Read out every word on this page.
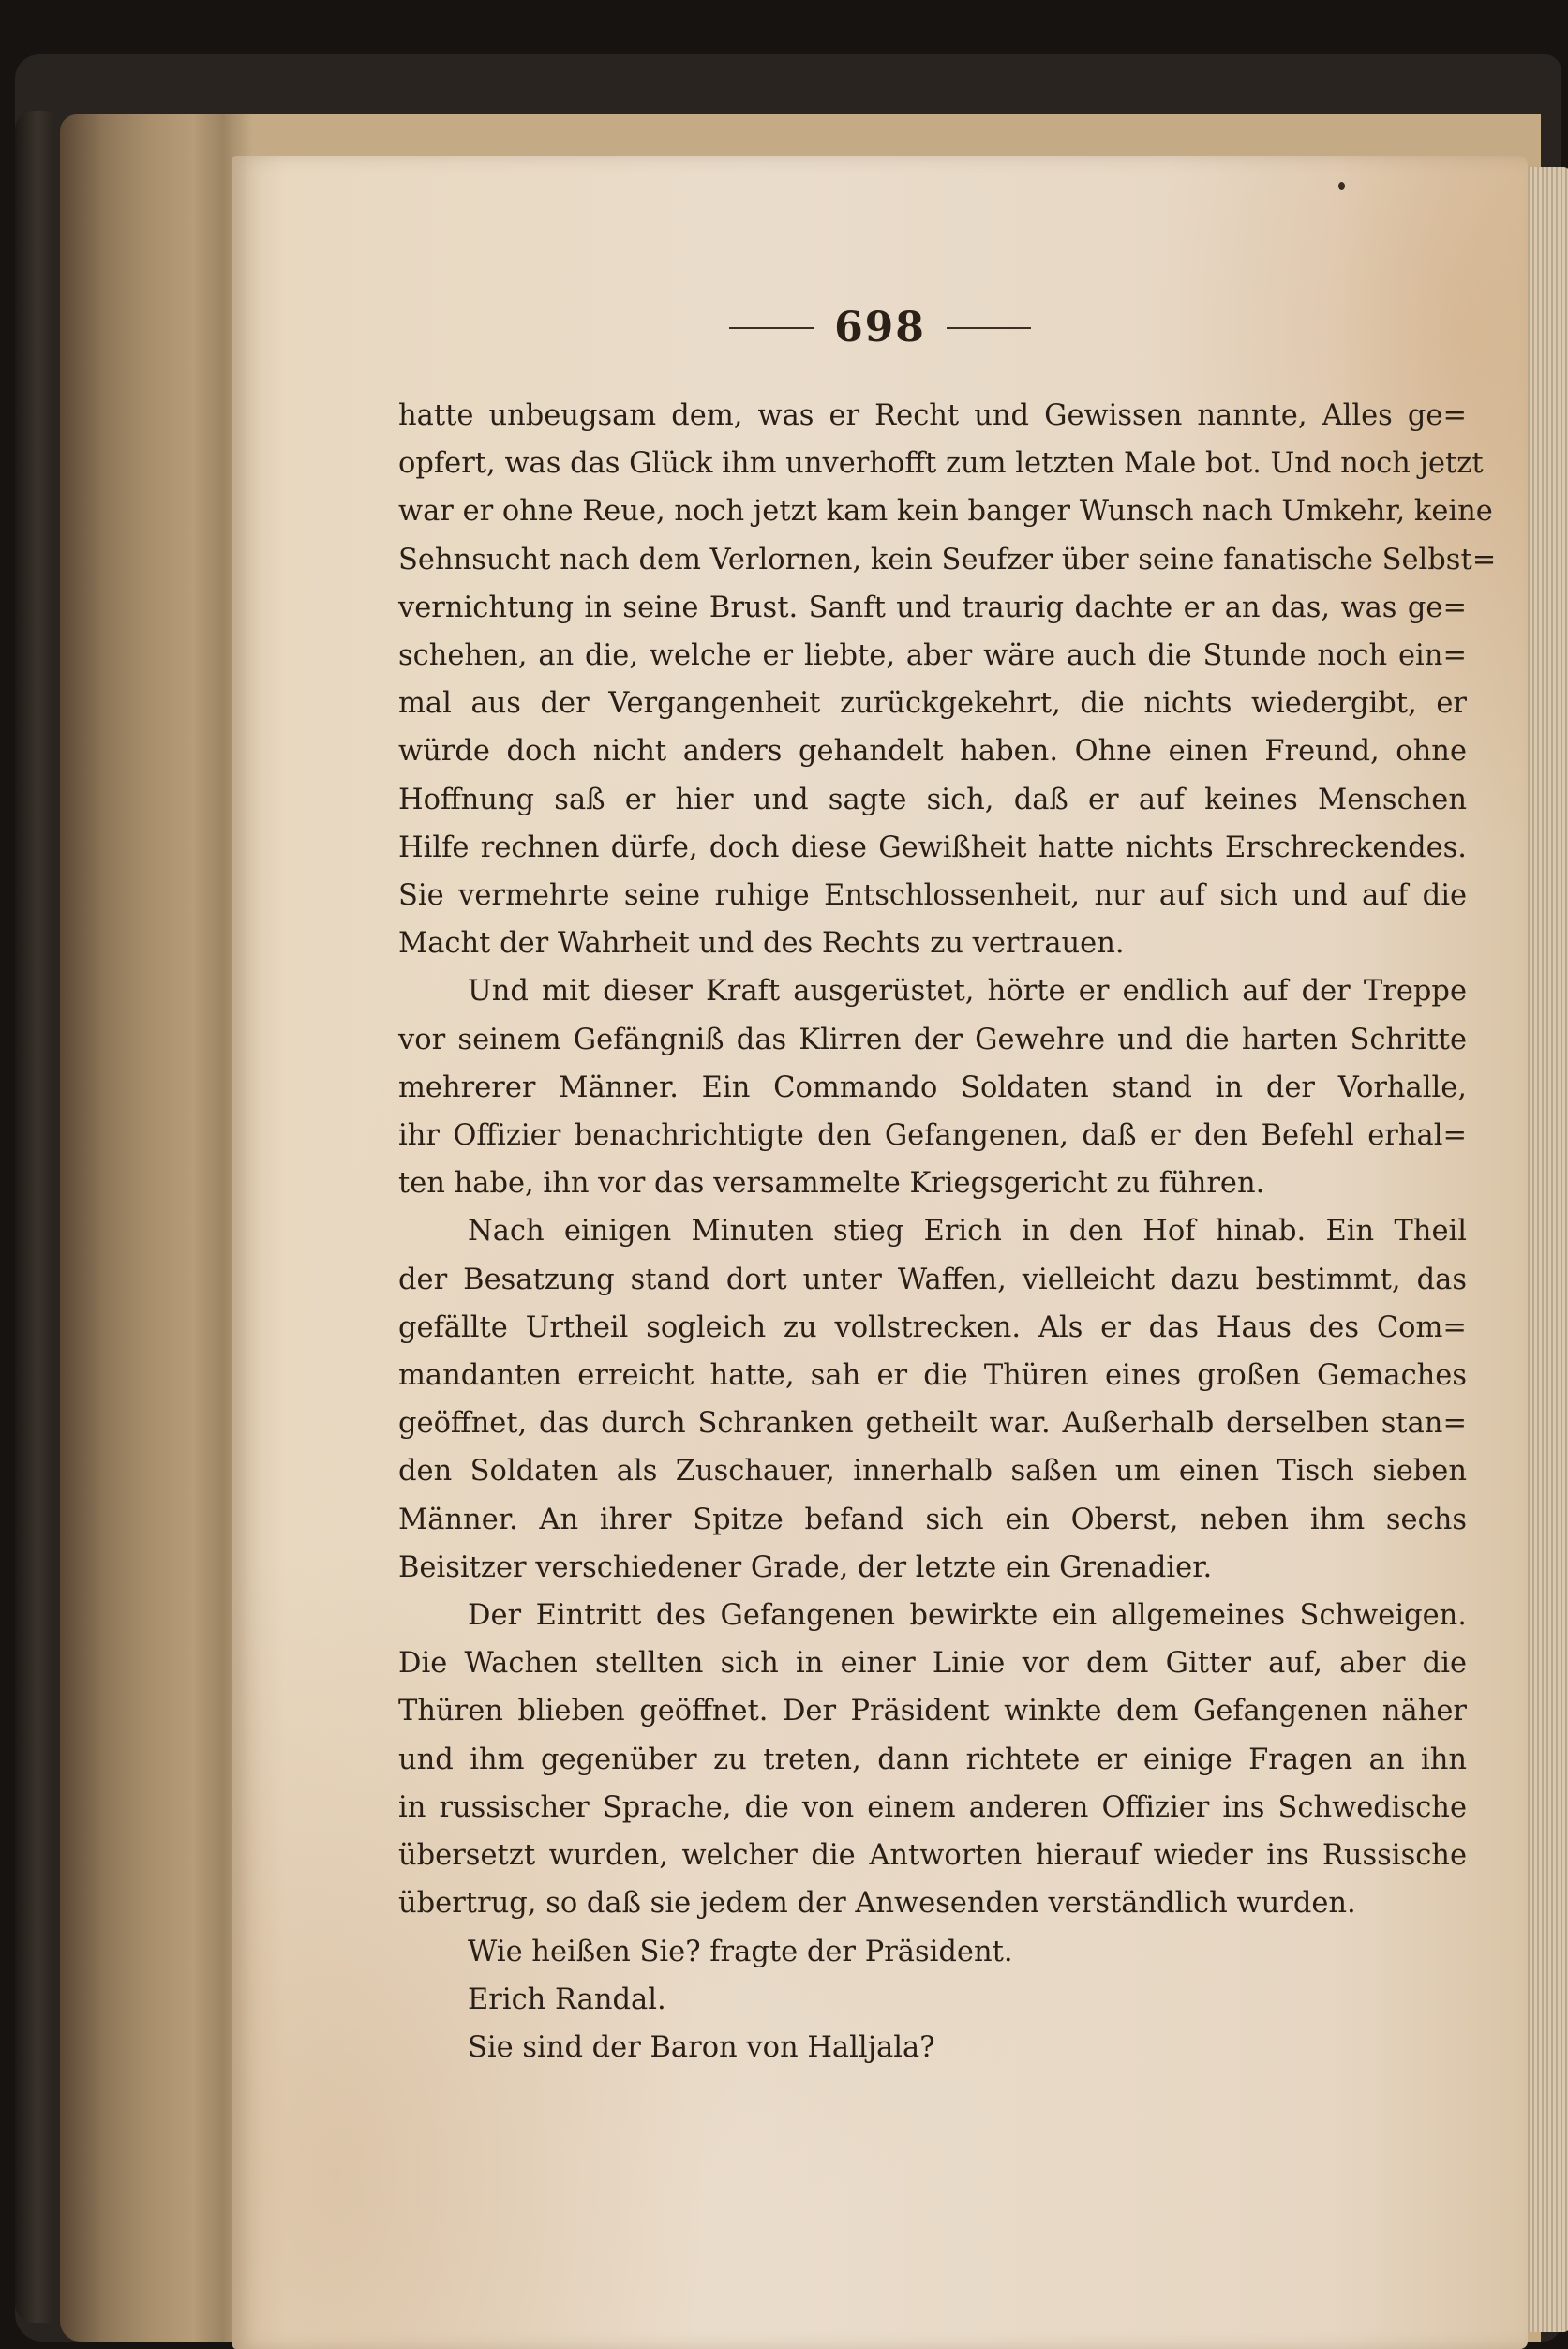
698
hatte unbeugsam dem, was er Recht und Gewissen nannte, Alles ge=
opfert, was das Glück ihm unverhofft zum letzten Male bot. Und noch jetzt
war er ohne Reue, noch jetzt kam kein banger Wunsch nach Umkehr, keine
Sehnsucht nach dem Verlornen, kein Seufzer über seine fanatische Selbst=
vernichtung in seine Brust. Sanft und traurig dachte er an das, was ge=
schehen, an die, welche er liebte, aber wäre auch die Stunde noch ein=
mal aus der Vergangenheit zurückgekehrt, die nichts wiedergibt, er
würde doch nicht anders gehandelt haben. Ohne einen Freund, ohne
Hoffnung saß er hier und sagte sich, daß er auf keines Menschen
Hilfe rechnen dürfe, doch diese Gewißheit hatte nichts Erschreckendes.
Sie vermehrte seine ruhige Entschlossenheit, nur auf sich und auf die
Macht der Wahrheit und des Rechts zu vertrauen.
Und mit dieser Kraft ausgerüstet, hörte er endlich auf der Treppe
vor seinem Gefängniß das Klirren der Gewehre und die harten Schritte
mehrerer Männer. Ein Commando Soldaten stand in der Vorhalle,
ihr Offizier benachrichtigte den Gefangenen, daß er den Befehl erhal=
ten habe, ihn vor das versammelte Kriegsgericht zu führen.
Nach einigen Minuten stieg Erich in den Hof hinab. Ein Theil
der Besatzung stand dort unter Waffen, vielleicht dazu bestimmt, das
gefällte Urtheil sogleich zu vollstrecken. Als er das Haus des Com=
mandanten erreicht hatte, sah er die Thüren eines großen Gemaches
geöffnet, das durch Schranken getheilt war. Außerhalb derselben stan=
den Soldaten als Zuschauer, innerhalb saßen um einen Tisch sieben
Männer. An ihrer Spitze befand sich ein Oberst, neben ihm sechs
Beisitzer verschiedener Grade, der letzte ein Grenadier.
Der Eintritt des Gefangenen bewirkte ein allgemeines Schweigen.
Die Wachen stellten sich in einer Linie vor dem Gitter auf, aber die
Thüren blieben geöffnet. Der Präsident winkte dem Gefangenen näher
und ihm gegenüber zu treten, dann richtete er einige Fragen an ihn
in russischer Sprache, die von einem anderen Offizier ins Schwedische
übersetzt wurden, welcher die Antworten hierauf wieder ins Russische
übertrug, so daß sie jedem der Anwesenden verständlich wurden.
Wie heißen Sie? fragte der Präsident.
Erich Randal.
Sie sind der Baron von Halljala?
